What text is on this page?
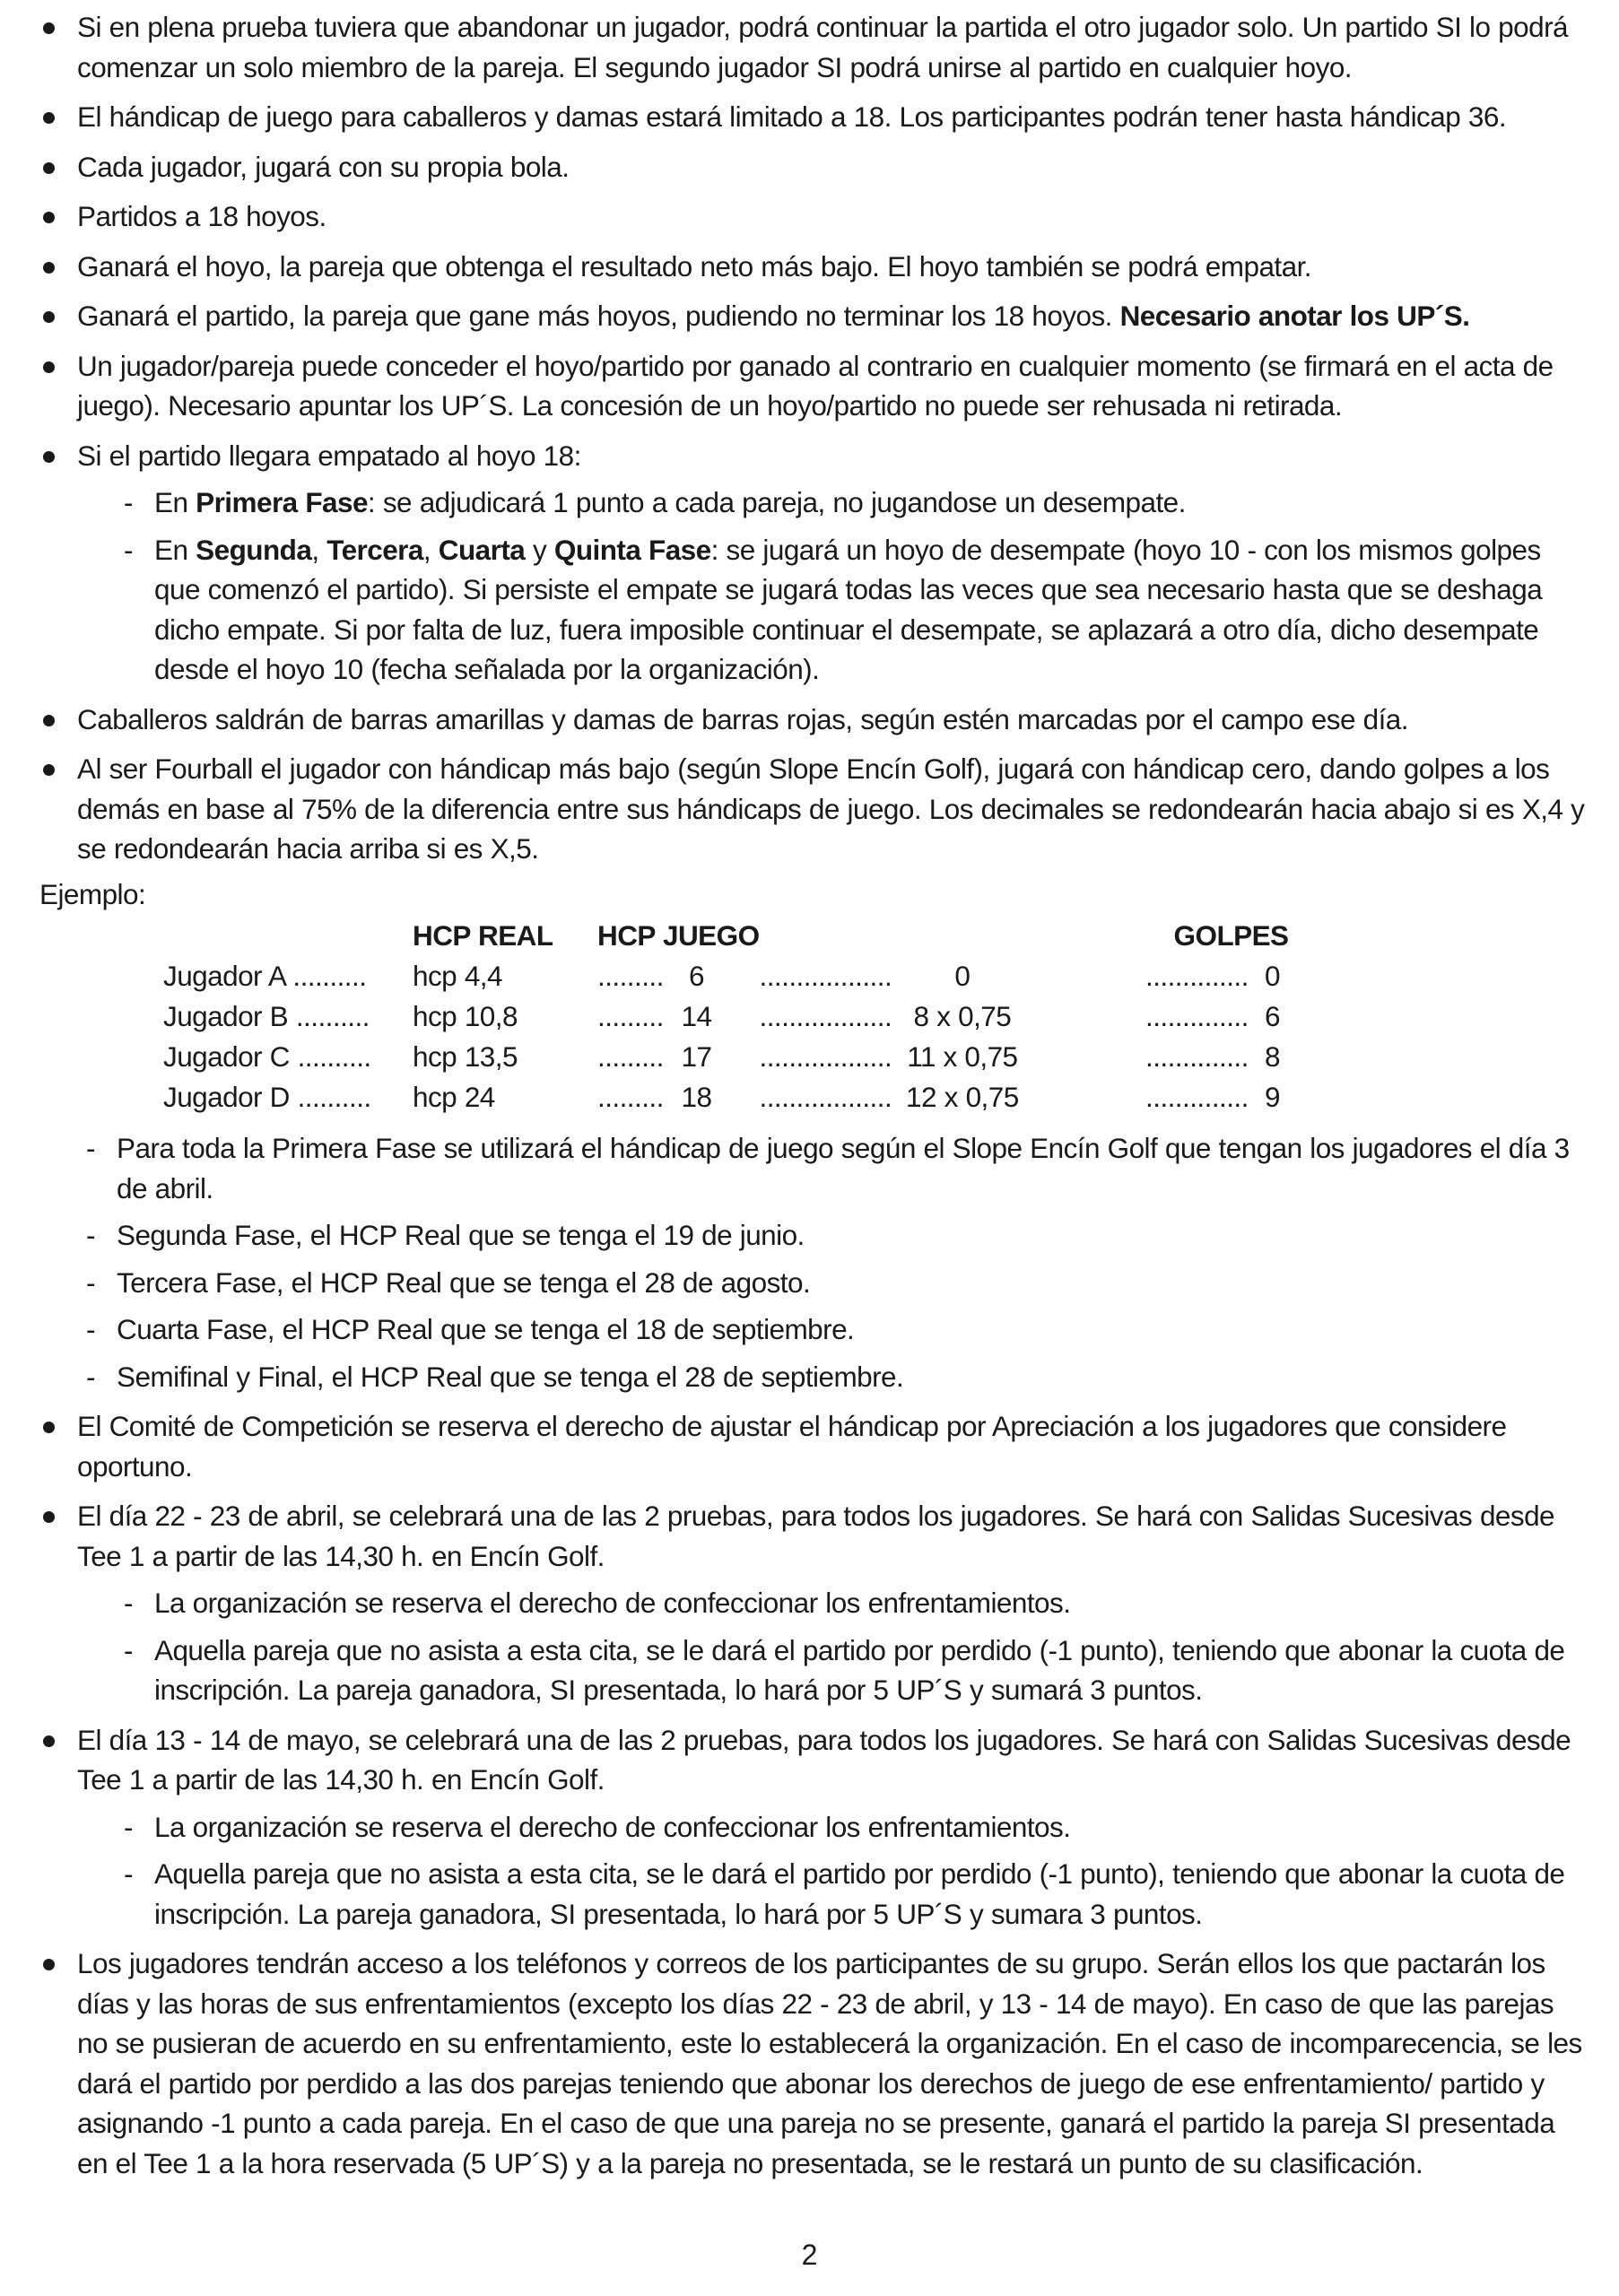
Si en plena prueba tuviera que abandonar un jugador, podrá continuar la partida el otro jugador solo. Un partido SI lo podrá comenzar un solo miembro de la pareja. El segundo jugador SI podrá unirse al partido en cualquier hoyo.

El hándicap de juego para caballeros y damas estará limitado a 18. Los participantes podrán tener hasta hándicap 36.

Cada jugador, jugará con su propia bola.

Partidos a 18 hoyos.

Ganará el hoyo, la pareja que obtenga el resultado neto más bajo. El hoyo también se podrá empatar.

Ganará el partido, la pareja que gane más hoyos, pudiendo no terminar los 18 hoyos. Necesario anotar los UP´S.

Un jugador/pareja puede conceder el hoyo/partido por ganado al contrario en cualquier momento (se firmará en el acta de juego). Necesario apuntar los UP´S. La concesión de un hoyo/partido no puede ser rehusada ni retirada.

Si el partido llegara empatado al hoyo 18:

- En Primera Fase: se adjudicará 1 punto a cada pareja, no jugandose un desempate.

- En Segunda, Tercera, Cuarta y Quinta Fase: se jugará un hoyo de desempate (hoyo 10 - con los mismos golpes que comenzó el partido). Si persiste el empate se jugará todas las veces que sea necesario hasta que se deshaga dicho empate. Si por falta de luz, fuera imposible continuar el desempate, se aplazará a otro día, dicho desempate desde el hoyo 10 (fecha señalada por la organización).

Caballeros saldrán de barras amarillas y damas de barras rojas, según estén marcadas por el campo ese día.

Al ser Fourball el jugador con hándicap más bajo (según Slope Encín Golf), jugará con hándicap cero, dando golpes a los demás en base al 75% de la diferencia entre sus hándicaps de juego. Los decimales se redondearán hacia abajo si es X,4 y se redondearán hacia arriba si es X,5.

Ejemplo:

	HCP REAL	HCP JUEGO		GOLPES
Jugador A ..........	hcp 4,4	......... 6	.................. 0	.............. 0
Jugador B ..........	hcp 10,8	......... 14	.................. 8 x 0,75	.............. 6
Jugador C ..........	hcp 13,5	......... 17	.................. 11 x 0,75	.............. 8
Jugador D ..........	hcp 24	......... 18	.................. 12 x 0,75	.............. 9

- Para toda la Primera Fase se utilizará el hándicap de juego según el Slope Encín Golf que tengan los jugadores el día 3 de abril.

- Segunda Fase, el HCP Real que se tenga el 19 de junio.

- Tercera Fase, el HCP Real que se tenga el 28 de agosto.

- Cuarta Fase, el HCP Real que se tenga el 18 de septiembre.

- Semifinal y Final, el HCP Real que se tenga el 28 de septiembre.

El Comité de Competición se reserva el derecho de ajustar el hándicap por Apreciación a los jugadores que considere oportuno.

El día 22 - 23 de abril, se celebrará una de las 2 pruebas, para todos los jugadores. Se hará con Salidas Sucesivas desde Tee 1 a partir de las 14,30 h. en Encín Golf.

- La organización se reserva el derecho de confeccionar los enfrentamientos.

- Aquella pareja que no asista a esta cita, se le dará el partido por perdido (-1 punto), teniendo que abonar la cuota de inscripción. La pareja ganadora, SI presentada, lo hará por 5 UP´S y sumará 3 puntos.

El día 13 - 14 de mayo, se celebrará una de las 2 pruebas, para todos los jugadores. Se hará con Salidas Sucesivas desde Tee 1 a partir de las 14,30 h. en Encín Golf.

- La organización se reserva el derecho de confeccionar los enfrentamientos.

- Aquella pareja que no asista a esta cita, se le dará el partido por perdido (-1 punto), teniendo que abonar la cuota de inscripción. La pareja ganadora, SI presentada, lo hará por 5 UP´S y sumara 3 puntos.

Los jugadores tendrán acceso a los teléfonos y correos de los participantes de su grupo. Serán ellos los que pactarán los días y las horas de sus enfrentamientos (excepto los días 22 - 23 de abril, y 13 - 14 de mayo). En caso de que las parejas no se pusieran de acuerdo en su enfrentamiento, este lo establecerá la organización. En el caso de incomparecencia, se les dará el partido por perdido a las dos parejas teniendo que abonar los derechos de juego de ese enfrentamiento/ partido y asignando -1 punto a cada pareja. En el caso de que una pareja no se presente, ganará el partido la pareja SI presentada en el Tee 1 a la hora reservada (5 UP´S) y a la pareja no presentada, se le restará un punto de su clasificación.

2
